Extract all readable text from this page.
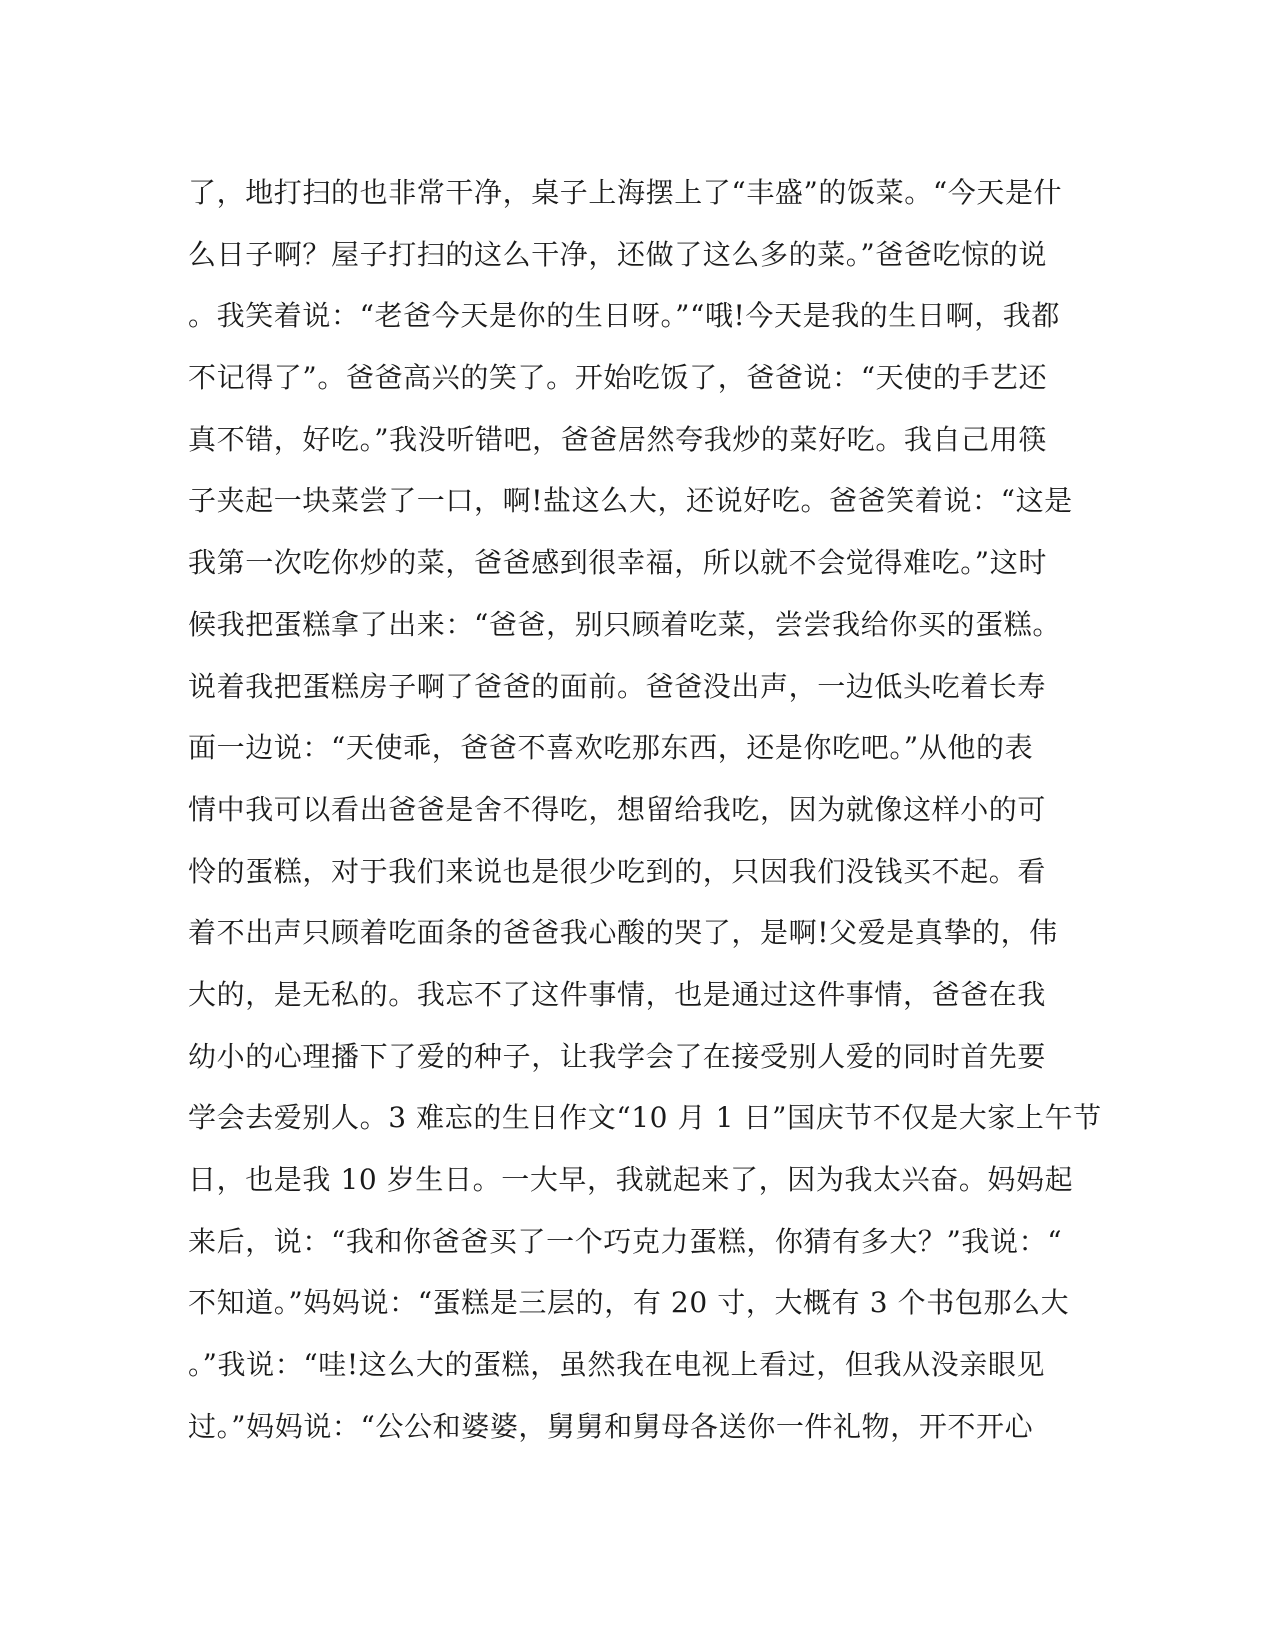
了，地打扫的也非常干净，桌子上海摆上了“丰盛”的饭菜。“今天是什
么日子啊？屋子打扫的这么干净，还做了这么多的菜。”爸爸吃惊的说
。我笑着说：“老爸今天是你的生日呀。”“哦!今天是我的生日啊，我都
不记得了”。爸爸高兴的笑了。开始吃饭了，爸爸说：“天使的手艺还
真不错，好吃。”我没听错吧，爸爸居然夸我炒的菜好吃。我自己用筷
子夹起一块菜尝了一口，啊!盐这么大，还说好吃。爸爸笑着说：“这是
我第一次吃你炒的菜，爸爸感到很幸福，所以就不会觉得难吃。”这时
候我把蛋糕拿了出来：“爸爸，别只顾着吃菜，尝尝我给你买的蛋糕。
说着我把蛋糕房子啊了爸爸的面前。爸爸没出声，一边低头吃着长寿
面一边说：“天使乖，爸爸不喜欢吃那东西，还是你吃吧。”从他的表
情中我可以看出爸爸是舍不得吃，想留给我吃，因为就像这样小的可
怜的蛋糕，对于我们来说也是很少吃到的，只因我们没钱买不起。看
着不出声只顾着吃面条的爸爸我心酸的哭了，是啊!父爱是真挚的，伟
大的，是无私的。我忘不了这件事情，也是通过这件事情，爸爸在我
幼小的心理播下了爱的种子，让我学会了在接受别人爱的同时首先要
学会去爱别人。3 难忘的生日作文“10 月 1 日”国庆节不仅是大家上午节
日，也是我 10 岁生日。一大早，我就起来了，因为我太兴奋。妈妈起
来后，说：“我和你爸爸买了一个巧克力蛋糕，你猜有多大？”我说：“
不知道。”妈妈说：“蛋糕是三层的，有 20 寸，大概有 3 个书包那么大
。”我说：“哇!这么大的蛋糕，虽然我在电视上看过，但我从没亲眼见
过。”妈妈说：“公公和婆婆，舅舅和舅母各送你一件礼物，开不开心
